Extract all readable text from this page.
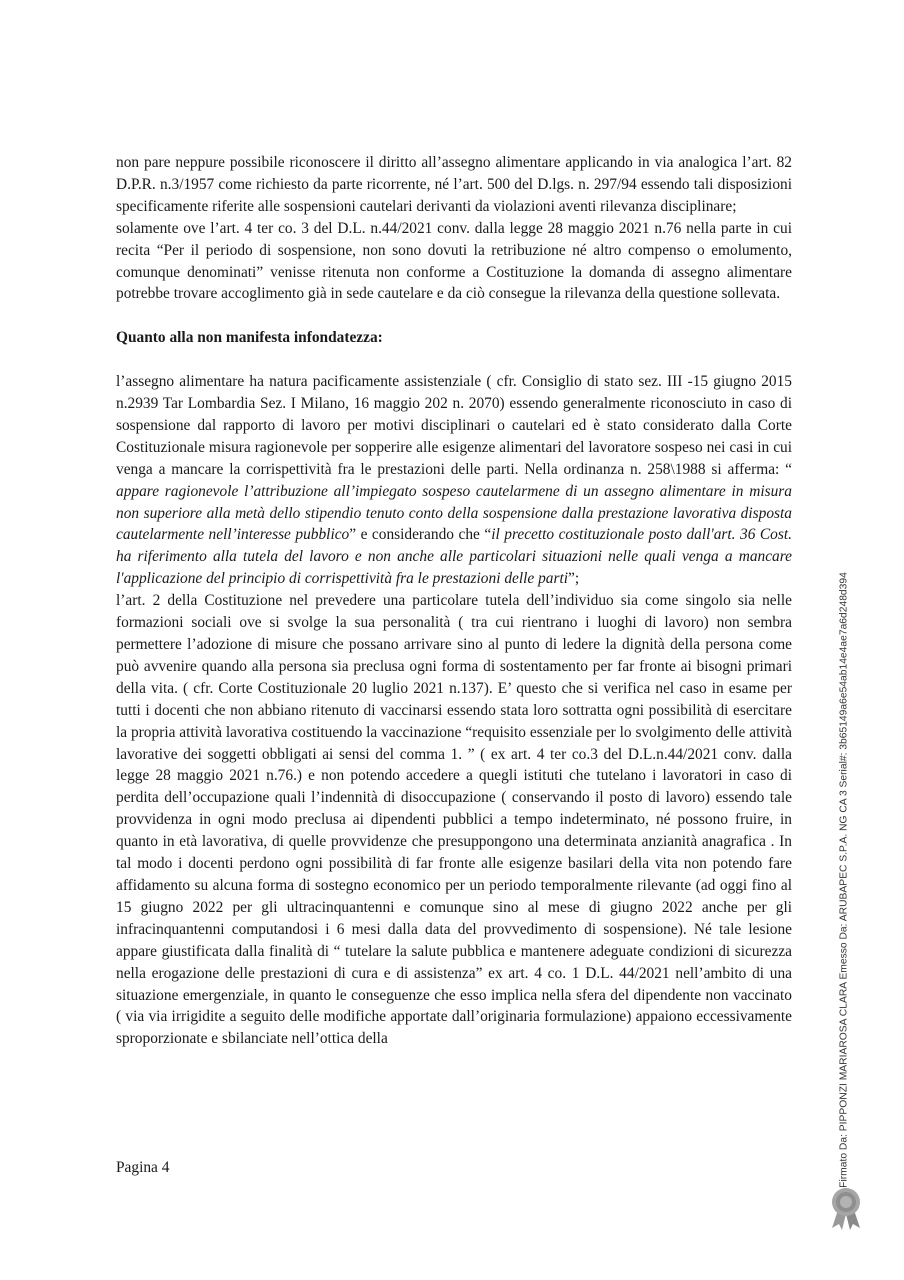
non pare neppure possibile riconoscere il diritto all’assegno alimentare applicando in via analogica l’art. 82 D.P.R. n.3/1957 come richiesto da parte ricorrente, né l’art. 500 del D.lgs. n. 297/94 essendo tali disposizioni specificamente riferite alle sospensioni cautelari derivanti da violazioni aventi rilevanza disciplinare;

solamente ove l’art. 4 ter co. 3 del D.L. n.44/2021 conv. dalla legge 28 maggio 2021 n.76 nella parte in cui recita “Per il periodo di sospensione, non sono dovuti la retribuzione né altro compenso o emolumento, comunque denominati” venisse ritenuta non conforme a Costituzione la domanda di assegno alimentare potrebbe trovare accoglimento già in sede cautelare e da ciò consegue la rilevanza della questione sollevata.

Quanto alla non manifesta infondatezza:

l’assegno alimentare ha natura pacificamente assistenziale ( cfr. Consiglio di stato sez. III -15 giugno 2015 n.2939 Tar Lombardia Sez. I Milano, 16 maggio 202 n. 2070) essendo generalmente riconosciuto in caso di sospensione dal rapporto di lavoro per motivi disciplinari o cautelari ed è stato considerato dalla Corte Costituzionale misura ragionevole per sopperire alle esigenze alimentari del lavoratore sospeso nei casi in cui venga a mancare la corrispettività fra le prestazioni delle parti. Nella ordinanza n. 258\1988 si afferma: “ appare ragionevole l’attribuzione all’impiegato sospeso cautelarmene di un assegno alimentare in misura non superiore alla metà dello stipendio tenuto conto della sospensione dalla prestazione lavorativa disposta cautelarmente nell’interesse pubblico” e considerando che “il precetto costituzionale posto dall'art. 36 Cost. ha riferimento alla tutela del lavoro e non anche alle particolari situazioni nelle quali venga a mancare l'applicazione del principio di corrispettività fra le prestazioni delle parti”;

l’art. 2 della Costituzione nel prevedere una particolare tutela dell’individuo sia come singolo sia nelle formazioni sociali ove si svolge la sua personalità ( tra cui rientrano i luoghi di lavoro) non sembra permettere l’adozione di misure che possano arrivare sino al punto di ledere la dignità della persona come può avvenire quando alla persona sia preclusa ogni forma di sostentamento per far fronte ai bisogni primari della vita. ( cfr. Corte Costituzionale 20 luglio 2021 n.137). E’ questo che si verifica nel caso in esame per tutti i docenti che non abbiano ritenuto di vaccinarsi essendo stata loro sottratta ogni possibilità di esercitare la propria attività lavorativa costituendo la vaccinazione “requisito essenziale per lo svolgimento delle attività lavorative dei soggetti obbligati ai sensi del comma 1. ” ( ex art. 4 ter co.3 del D.L.n.44/2021 conv. dalla legge 28 maggio 2021 n.76.) e non potendo accedere a quegli istituti che tutelano i lavoratori in caso di perdita dell’occupazione quali l’indennità di disoccupazione ( conservando il posto di lavoro) essendo tale provvidenza in ogni modo preclusa ai dipendenti pubblici a tempo indeterminato, né possono fruire, in quanto in età lavorativa, di quelle provvidenze che presuppongono una determinata anzianità anagrafica . In tal modo i docenti perdono ogni possibilità di far fronte alle esigenze basilari della vita non potendo fare affidamento su alcuna forma di sostegno economico per un periodo temporalmente rilevante (ad oggi fino al 15 giugno 2022 per gli ultracinquantenni e comunque sino al mese di giugno 2022 anche per gli infracinquantenni computandosi i 6 mesi dalla data del provvedimento di sospensione). Né tale lesione appare giustificata dalla finalità di “ tutelare la salute pubblica e mantenere adeguate condizioni di sicurezza nella erogazione delle prestazioni di cura e di assistenza” ex art. 4 co. 1 D.L. 44/2021 nell’ambito di una situazione emergenziale, in quanto le conseguenze che esso implica nella sfera del dipendente non vaccinato ( via via irrigidite a seguito delle modifiche apportate dall’originaria formulazione) appaiono eccessivamente sproporzionate e sbilanciate nell’ottica della

Pagina 4	Firmato Da: PIPPONZI MARIAROSA CLARA Emesso Da: ARUBAPEC S.P.A. NG CA 3 Serial#: 3b65149a6e54ab14e4ae7a6d248d394
